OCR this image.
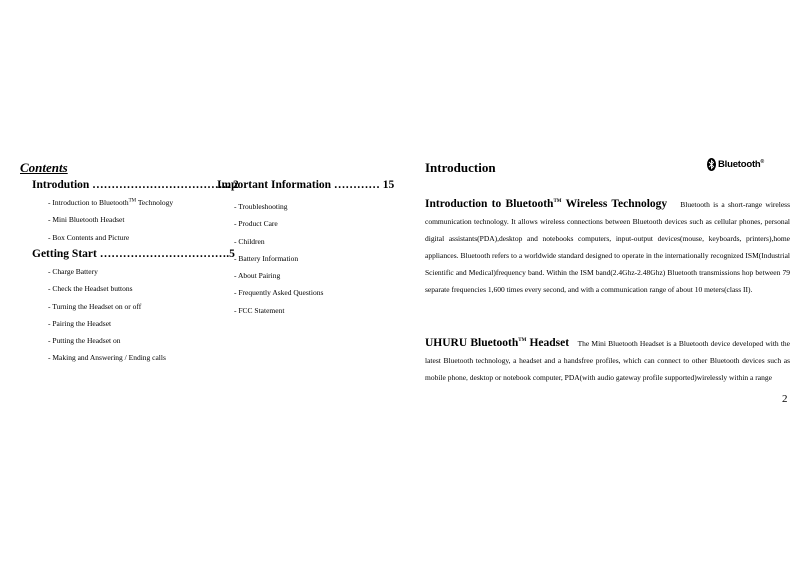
Contents
Introdution ……………………………… 2
- Introduction to Bluetooth™ Technology
- Mini Bluetooth Headset
- Box Contents and Picture
Getting Start …………………………….5
- Charge Battery
- Check the Headset buttons
- Turning the Headset on or off
- Pairing the Headset
- Putting the Headset on
- Making and Answering / Ending calls
Important Information ………… 15
- Troubleshooting
- Product Care
- Children
- Battery Information
- About Pairing
- Frequently Asked Questions
- FCC Statement
Introduction	Bluetooth®
Introduction to Bluetooth™ Wireless Technology Bluetooth is a short-range wireless communication technology. It allows wireless connections between Bluetooth devices such as cellular phones, personal digital assistants(PDA),desktop and notebooks computers, input-output devices(mouse, keyboards, printers),home appliances. Bluetooth refers to a worldwide standard designed to operate in the internationally recognized ISM(Industrial Scientific and Medical)frequency band. Within the ISM band(2.4Ghz-2.48Ghz) Bluetooth transmissions hop between 79 separate frequencies 1,600 times every second, and with a communication range of about 10 meters(class II).
UHURU Bluetooth™ Headset The Mini Bluetooth Headset is a Bluetooth device developed with the latest Bluetooth technology, a headset and a handsfree profiles, which can connect to other Bluetooth devices such as mobile phone, desktop or notebook computer, PDA(with audio gateway profile supported)wirelessly within a range
2
